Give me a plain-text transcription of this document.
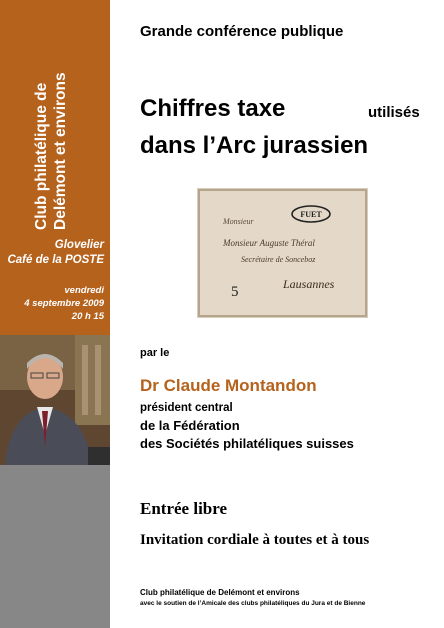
Club philatélique de Delémont et environs
Glovelier
Café de la POSTE
vendredi
4 septembre 2009
20 h 15
Grande conférence publique
Chiffres taxe	utilisés
dans l’Arc jurassien
Monsieur
FUET
Monsieur Auguste Théral
Secrétaire de Sonceboz
5	Lausannes
par le
Dr Claude Montandon
président central
de la Fédération
des Sociétés philatéliques suisses
Entrée libre
Invitation cordiale à toutes et à tous
Club philatélique de Delémont et environs
avec le soutien de l’Amicale des clubs philatéliques du Jura et de Bienne
